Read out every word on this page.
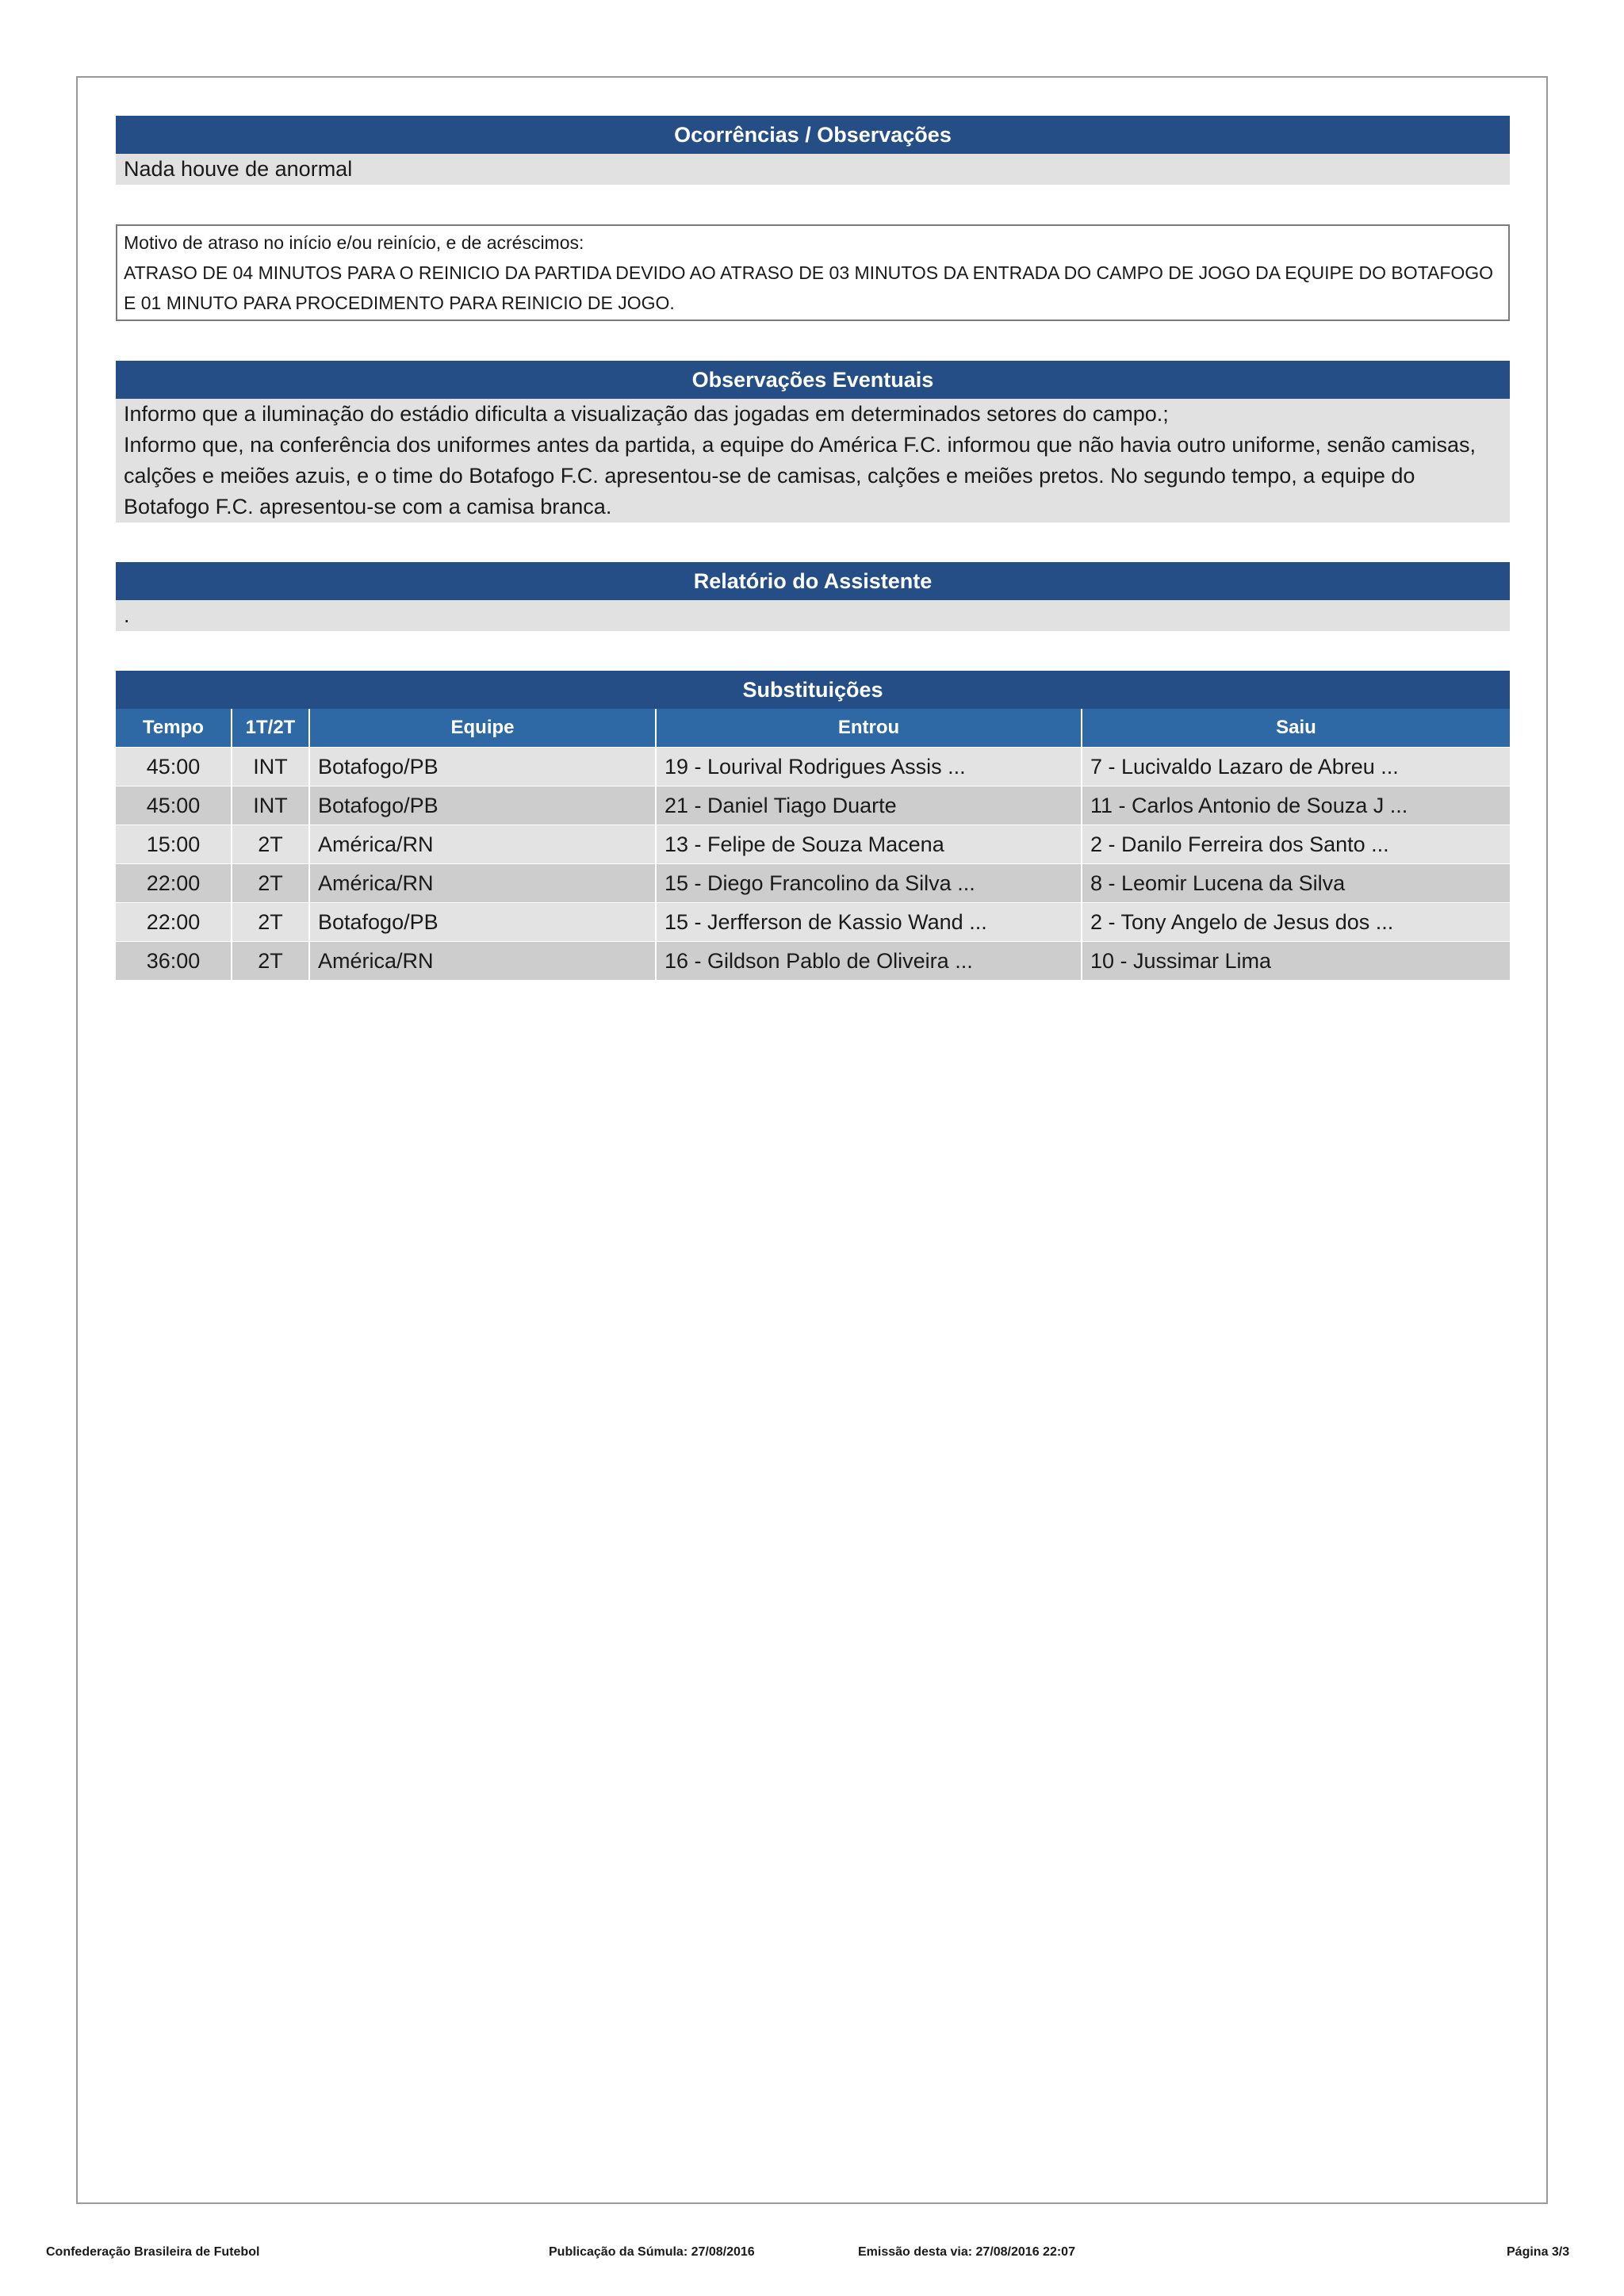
Ocorrências / Observações
Nada houve de anormal
Motivo de atraso no início e/ou reinício, e de acréscimos:
ATRASO DE 04 MINUTOS PARA O REINICIO DA PARTIDA DEVIDO AO ATRASO DE 03 MINUTOS DA ENTRADA DO CAMPO DE JOGO DA EQUIPE DO BOTAFOGO E 01 MINUTO PARA PROCEDIMENTO PARA REINICIO DE JOGO.
Observações Eventuais

Informo que a iluminação do estádio dificulta a visualização das jogadas em determinados setores do campo.;

Informo que, na conferência dos uniformes antes da partida, a equipe do América F.C. informou que não havia outro uniforme, senão camisas, calções e meiões azuis, e o time do Botafogo F.C. apresentou-se de camisas, calções e meiões pretos. No segundo tempo, a equipe do Botafogo F.C. apresentou-se com a camisa branca.

Relatório do Assistente
.
Substituições
Tempo	1T/2T	Equipe	Entrou	Saiu
45:00	INT	Botafogo/PB	19 - Lourival Rodrigues Assis ...	7 - Lucivaldo Lazaro de Abreu ...
45:00	INT	Botafogo/PB	21 - Daniel Tiago Duarte	11 - Carlos Antonio de Souza J ...
15:00	2T	América/RN	13 - Felipe de Souza Macena	2 - Danilo Ferreira dos Santo ...
22:00	2T	América/RN	15 - Diego Francolino da Silva ...	8 - Leomir Lucena da Silva
22:00	2T	Botafogo/PB	15 - Jerfferson de Kassio Wand ...	2 - Tony Angelo de Jesus dos ...
36:00	2T	América/RN	16 - Gildson Pablo de Oliveira ...	10 - Jussimar Lima
Confederação Brasileira de Futebol	Publicação da Súmula: 27/08/2016	Emissão desta via: 27/08/2016 22:07	Página 3/3
